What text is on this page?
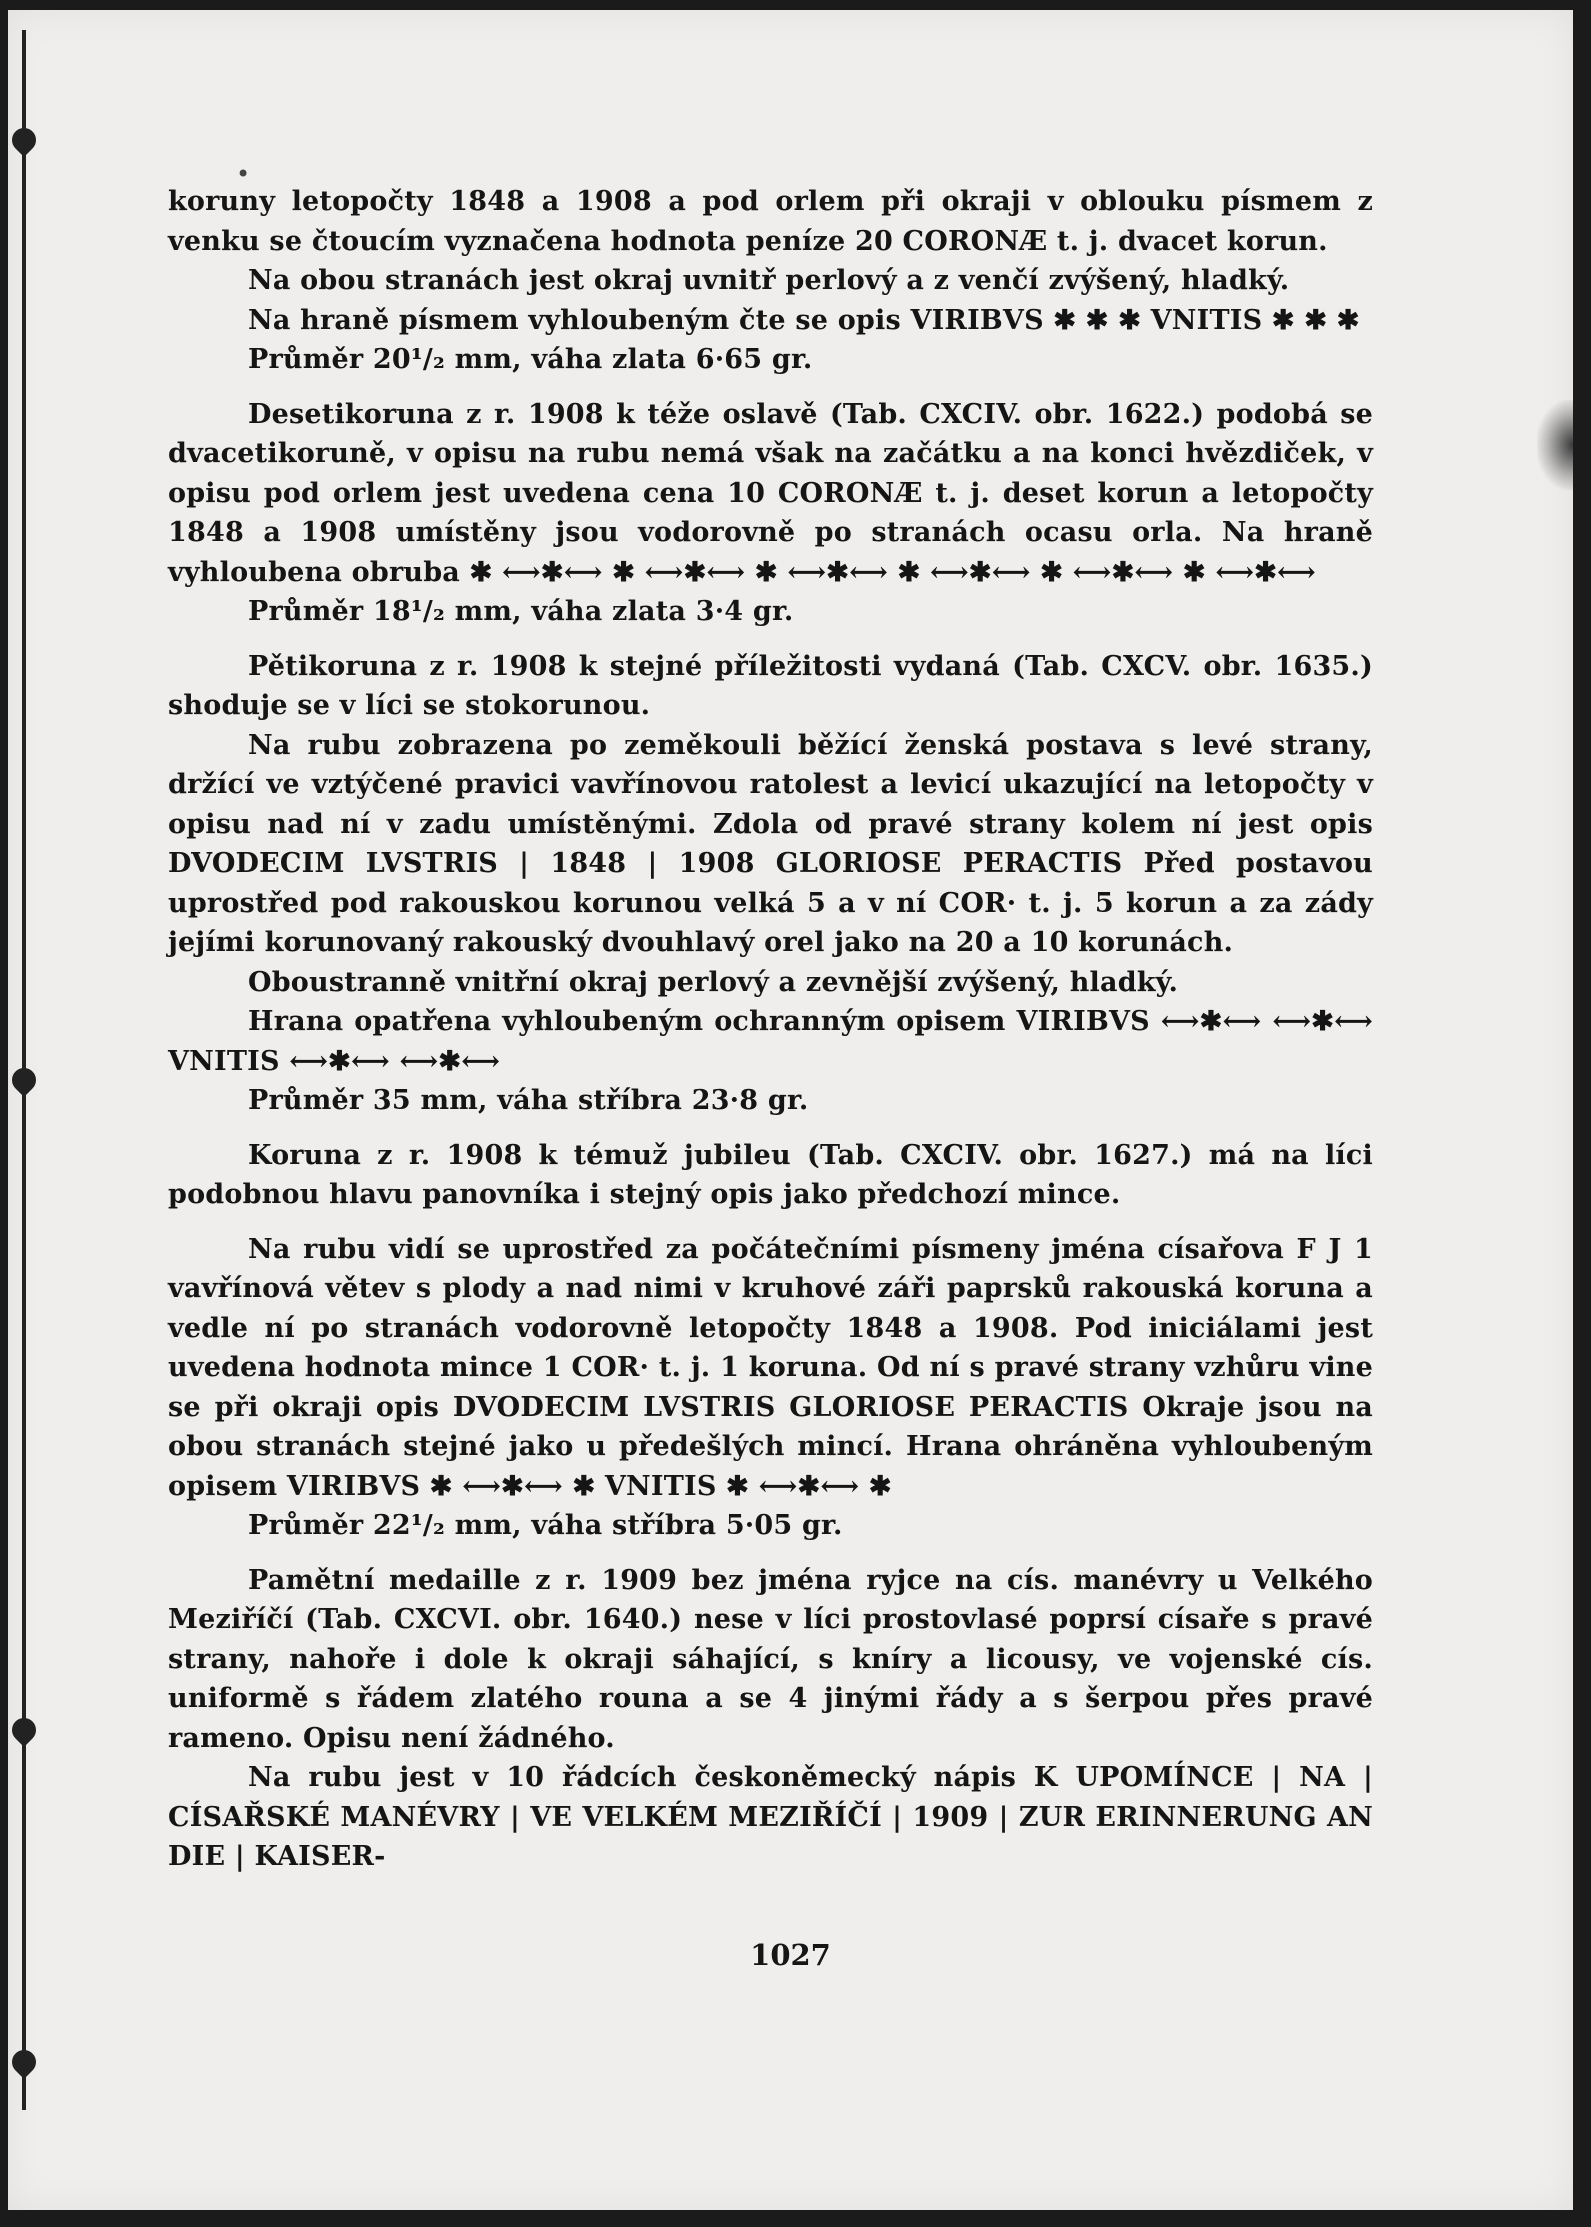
•

koruny letopočty 1848 a 1908 a pod orlem při okraji v oblouku písmem z venku se čtoucím vyznačena hodnota peníze 20 CORONÆ t. j. dvacet korun.

Na obou stranách jest okraj uvnitř perlový a z venčí zvýšený, hladký.

Na hraně písmem vyhloubeným čte se opis VIRIBVS ✱ ✱ ✱ VNITIS ✱ ✱ ✱

Průměr 20¹/₂ mm, váha zlata 6·65 gr.

Desetikoruna z r. 1908 k téže oslavě (Tab. CXCIV. obr. 1622.) podobá se dvacetikoruně, v opisu na rubu nemá však na začátku a na konci hvězdiček, v opisu pod orlem jest uvedena cena 10 CORONÆ t. j. deset korun a letopočty 1848 a 1908 umístěny jsou vodorovně po stranách ocasu orla. Na hraně vyhloubena obruba ✱ ⟷✱⟷ ✱ ⟷✱⟷ ✱ ⟷✱⟷ ✱ ⟷✱⟷ ✱ ⟷✱⟷ ✱ ⟷✱⟷

Průměr 18¹/₂ mm, váha zlata 3·4 gr.

Pětikoruna z r. 1908 k stejné příležitosti vydaná (Tab. CXCV. obr. 1635.) shoduje se v líci se stokorunou.

Na rubu zobrazena po zeměkouli běžící ženská postava s levé strany, držící ve vztýčené pravici vavřínovou ratolest a levicí ukazující na letopočty v opisu nad ní v zadu umístěnými. Zdola od pravé strany kolem ní jest opis DVODECIM LVSTRIS | 1848 | 1908 GLORIOSE PERACTIS Před postavou uprostřed pod rakouskou korunou velká 5 a v ní COR· t. j. 5 korun a za zády jejími korunovaný rakouský dvouhlavý orel jako na 20 a 10 korunách.

Oboustranně vnitřní okraj perlový a zevnější zvýšený, hladký.

Hrana opatřena vyhloubeným ochranným opisem VIRIBVS ⟷✱⟷ ⟷✱⟷ VNITIS ⟷✱⟷ ⟷✱⟷

Průměr 35 mm, váha stříbra 23·8 gr.

Koruna z r. 1908 k témuž jubileu (Tab. CXCIV. obr. 1627.) má na líci podobnou hlavu panovníka i stejný opis jako předchozí mince.

Na rubu vidí se uprostřed za počátečními písmeny jména císařova F J 1 vavřínová větev s plody a nad nimi v kruhové záři paprsků rakouská koruna a vedle ní po stranách vodorovně letopočty 1848 a 1908. Pod iniciálami jest uvedena hodnota mince 1 COR· t. j. 1 koruna. Od ní s pravé strany vzhůru vine se při okraji opis DVODECIM LVSTRIS GLORIOSE PERACTIS Okraje jsou na obou stranách stejné jako u předešlých mincí. Hrana ohráněna vyhloubeným opisem VIRIBVS ✱ ⟷✱⟷ ✱ VNITIS ✱ ⟷✱⟷ ✱

Průměr 22¹/₂ mm, váha stříbra 5·05 gr.

Pamětní medaille z r. 1909 bez jména ryjce na cís. manévry u Velkého Meziříčí (Tab. CXCVI. obr. 1640.) nese v líci prostovlasé poprsí císaře s pravé strany, nahoře i dole k okraji sáhající, s kníry a licousy, ve vojenské cís. uniformě s řádem zlatého rouna a se 4 jinými řády a s šerpou přes pravé rameno. Opisu není žádného.

Na rubu jest v 10 řádcích českoněmecký nápis K UPOMÍNCE | NA | CÍSAŘSKÉ MANÉVRY | VE VELKÉM MEZIŘÍČÍ | 1909 | ZUR ERINNERUNG AN DIE | KAISER-

1027
